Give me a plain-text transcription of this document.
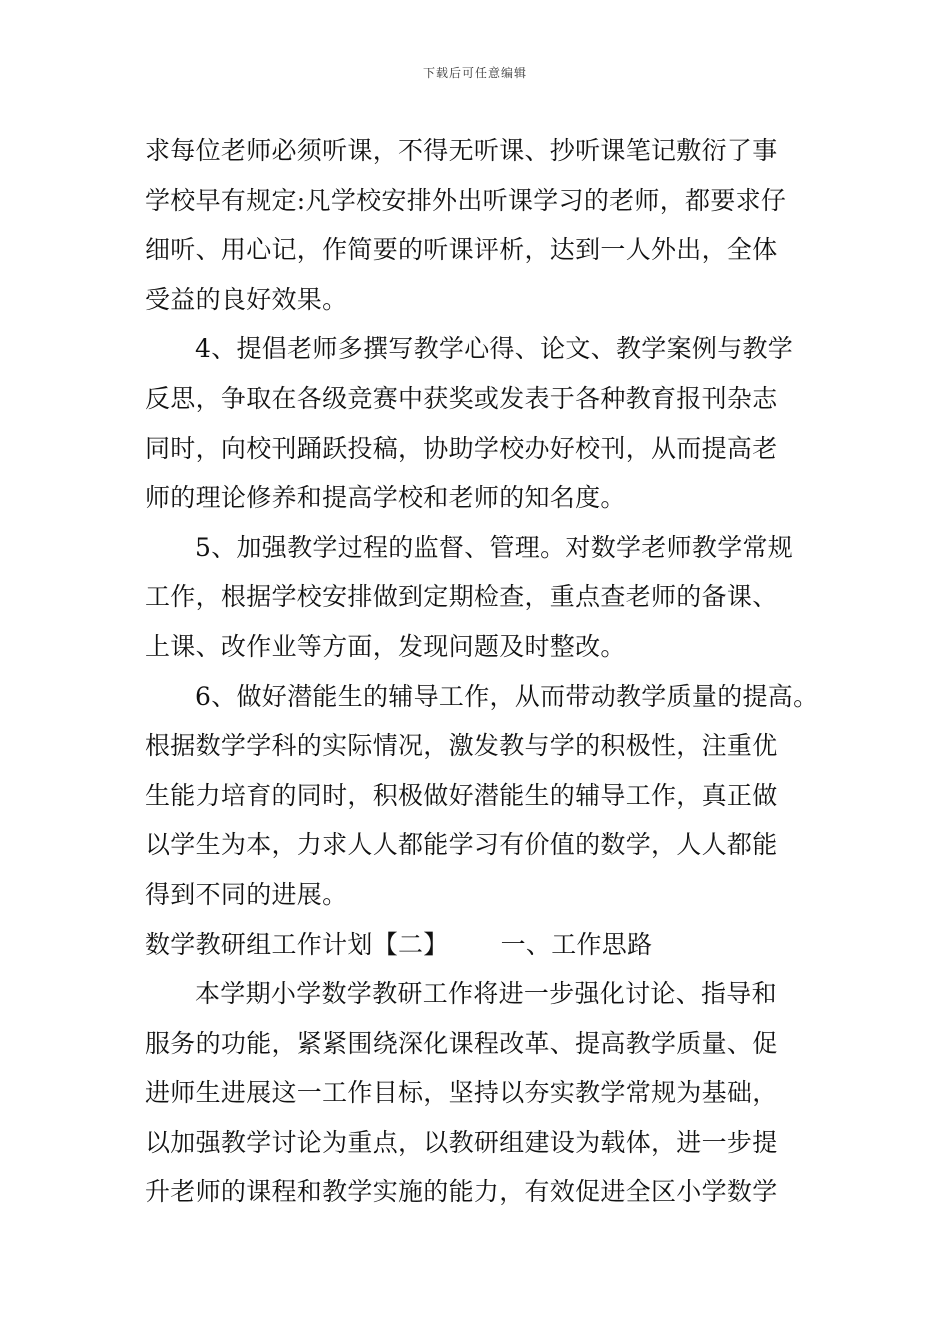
下载后可任意编辑
求每位老师必须听课，不得无听课、抄听课笔记敷衍了事
学校早有规定:凡学校安排外出听课学习的老师，都要求仔
细听、用心记，作简要的听课评析，达到一人外出，全体
受益的良好效果。
4、提倡老师多撰写教学心得、论文、教学案例与教学
反思，争取在各级竞赛中获奖或发表于各种教育报刊杂志
同时，向校刊踊跃投稿，协助学校办好校刊，从而提高老
师的理论修养和提高学校和老师的知名度。
5、加强教学过程的监督、管理。对数学老师教学常规
工作，根据学校安排做到定期检查，重点查老师的备课、
上课、改作业等方面，发现问题及时整改。
6、做好潜能生的辅导工作，从而带动教学质量的提高。
根据数学学科的实际情况，激发教与学的积极性，注重优
生能力培育的同时，积极做好潜能生的辅导工作，真正做
以学生为本，力求人人都能学习有价值的数学，人人都能
得到不同的进展。
数学教研组工作计划【二】 一、工作思路
本学期小学数学教研工作将进一步强化讨论、指导和
服务的功能，紧紧围绕深化课程改革、提高教学质量、促
进师生进展这一工作目标，坚持以夯实教学常规为基础，
以加强教学讨论为重点，以教研组建设为载体，进一步提
升老师的课程和教学实施的能力，有效促进全区小学数学
